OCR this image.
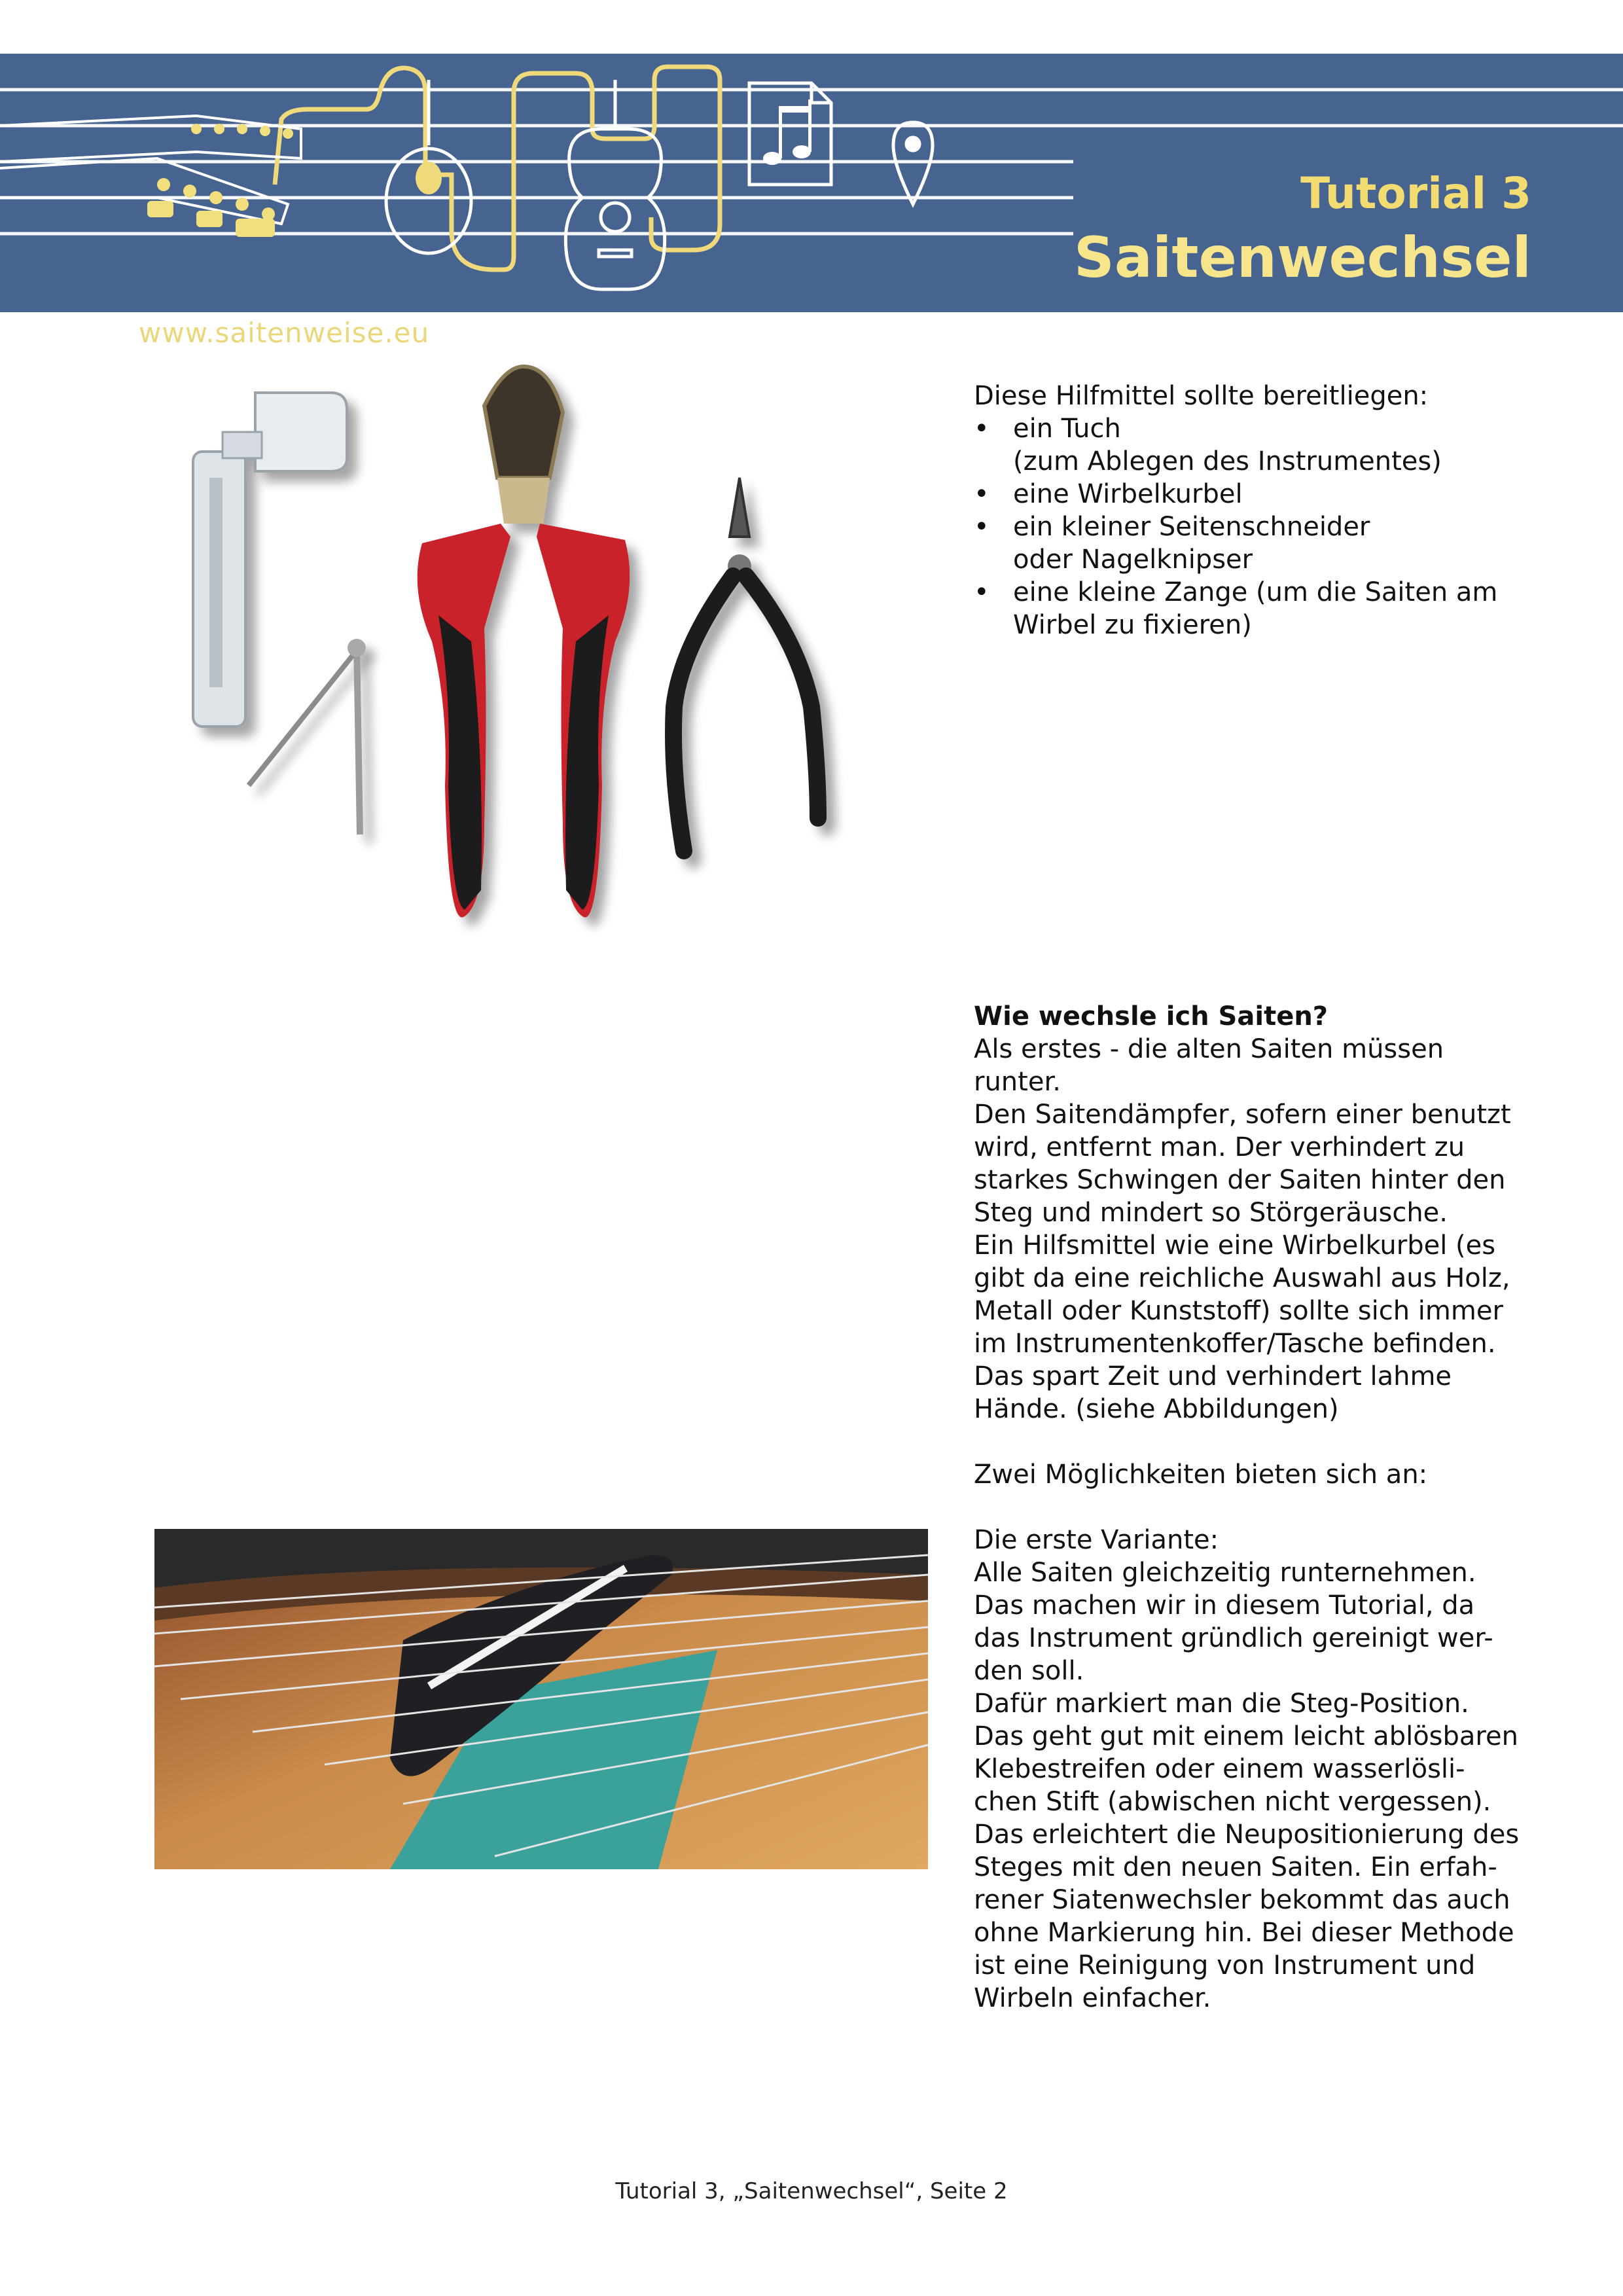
www.saitenweise.eu
Tutorial 3
Saitenwechsel
Diese Hilfmittel sollte bereitliegen:
• ein Tuch
(zum Ablegen des Instrumentes)
• eine Wirbelkurbel
• ein kleiner Seitenschneider
oder Nagelknipser
• eine kleine Zange (um die Saiten am
Wirbel zu fixieren)

Wie wechsle ich Saiten?

Als erstes - die alten Saiten müssen
runter.
Den Saitendämpfer, sofern einer benutzt
wird, entfernt man. Der verhindert zu
starkes Schwingen der Saiten hinter den
Steg und mindert so Störgeräusche.
Ein Hilfsmittel wie eine Wirbelkurbel (es
gibt da eine reichliche Auswahl aus Holz,
Metall oder Kunststoff) sollte sich immer
im Instrumentenkoffer/Tasche befinden.
Das spart Zeit und verhindert lahme
Hände. (siehe Abbildungen)
Zwei Möglichkeiten bieten sich an:
Die erste Variante:
Alle Saiten gleichzeitig runternehmen.
Das machen wir in diesem Tutorial, da
das Instrument gründlich gereinigt wer-
den soll.
Dafür markiert man die Steg-Position.
Das geht gut mit einem leicht ablösbaren
Klebestreifen oder einem wasserlösli-
chen Stift (abwischen nicht vergessen).
Das erleichtert die Neupositionierung des
Steges mit den neuen Saiten. Ein erfah-
rener Siatenwechsler bekommt das auch
ohne Markierung hin. Bei dieser Methode
ist eine Reinigung von Instrument und
Wirbeln einfacher.
Tutorial 3, „Saitenwechsel“, Seite 2
